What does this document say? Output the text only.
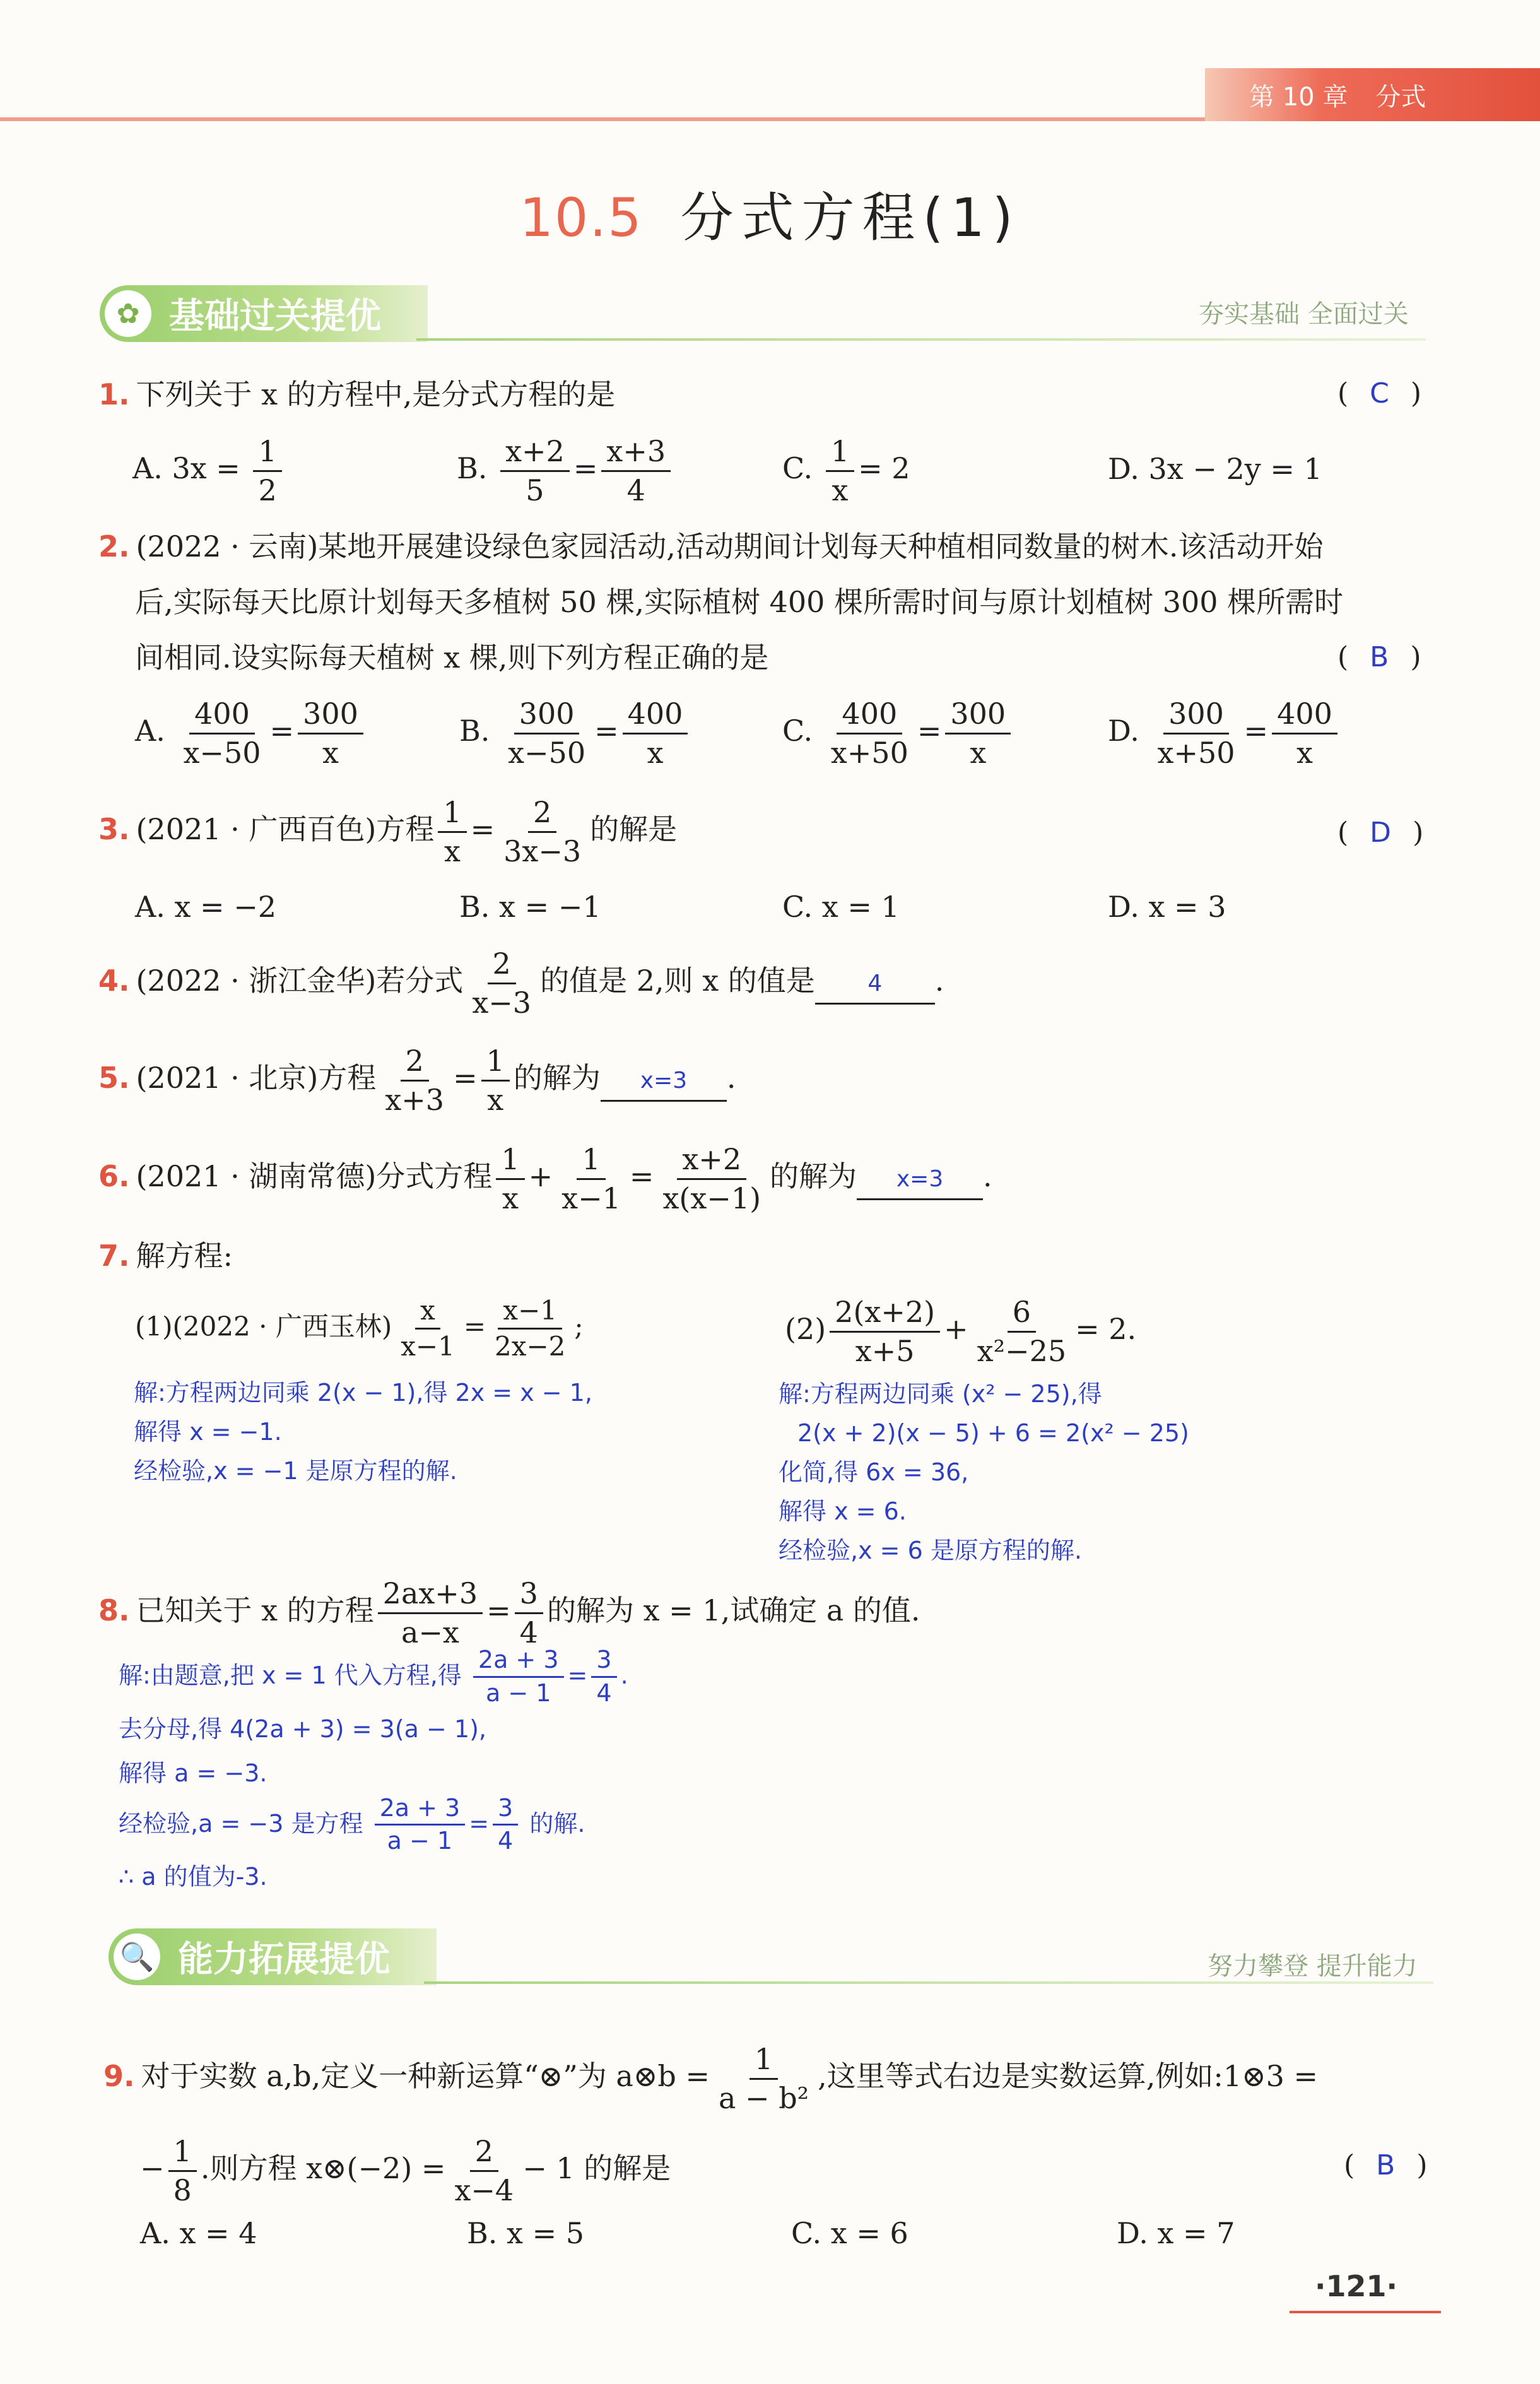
第 10 章 分式
10.5 分式方程(1)
✿ 基础过关提优	夯实基础 全面过关
1. 下列关于 x 的方程中,是分式方程的是	( C )
A. $3x = \frac{1}{2}$	B. $\frac{x+2}{5} = \frac{x+3}{4}$	C. $\frac{1}{x} = 2$	D. 3x − 2y = 1
2. (2022 · 云南)某地开展建设绿色家园活动,活动期间计划每天种植相同数量的树木.该活动开始
后,实际每天比原计划每天多植树 50 棵,实际植树 400 棵所需时间与原计划植树 300 棵所需时
间相同.设实际每天植树 x 棵,则下列方程正确的是	( B )
A. $\frac{400}{x-50} = \frac{300}{x}$	B. $\frac{300}{x-50} = \frac{400}{x}$	C. $\frac{400}{x+50} = \frac{300}{x}$	D. $\frac{300}{x+50} = \frac{400}{x}$
3. (2021 · 广西百色)方程 $\frac{1}{x} = \frac{2}{3x-3}$ 的解是	( D )
A. x = −2	B. x = −1	C. x = 1	D. x = 3
4. (2022 · 浙江金华)若分式 $\frac{2}{x-3}$ 的值是 2,则 x 的值是 4 .
5. (2021 · 北京)方程 $\frac{2}{x+3} = \frac{1}{x}$ 的解为 x=3 .
6. (2021 · 湖南常德)分式方程 $\frac{1}{x} + \frac{1}{x-1} = \frac{x+2}{x(x-1)}$ 的解为 x=3 .
7. 解方程:
(1)(2022 · 广西玉林) $\frac{x}{x-1} = \frac{x-1}{2x-2}$ ;
解:方程两边同乘 2(x − 1),得 2x = x − 1,
解得 x = −1.
经检验,x = −1 是原方程的解.
$(2) \frac{2(x+2)}{x+5} + \frac{6}{\text{x²−25}} = 2$.
解:方程两边同乘 (x² − 25),得
2(x + 2)(x − 5) + 6 = 2(x² − 25)
化简,得 6x = 36,
解得 x = 6.
经检验,x = 6 是原方程的解.
8. 已知关于 x 的方程 $\frac{2ax+3}{a-x} = \frac{3}{4}$ 的解为 x = 1,试确定 a 的值.
解:由题意,把 x = 1 代入方程,得 $\frac{2a + 3}{a - 1} = \frac{3}{4}$ .
去分母,得 4(2a + 3) = 3(a − 1),
解得 a = −3.
经检验,a = −3 是方程 $\frac{2a + 3}{a - 1} = \frac{3}{4}$ 的解.
∴ a 的值为-3.
🔍 能力拓展提优	努力攀登 提升能力
9. 对于实数 a,b,定义一种新运算“⊗”为 a⊗b = $\frac{1}{\text{a − b²}}$ ,这里等式右边是实数运算,例如:1⊗3 =
− $\frac{1}{8}$ .则方程 x⊗(−2) = $\frac{2}{x-4} - 1$ 的解是	( B )
A. x = 4	B. x = 5	C. x = 6	D. x = 7
·121·
